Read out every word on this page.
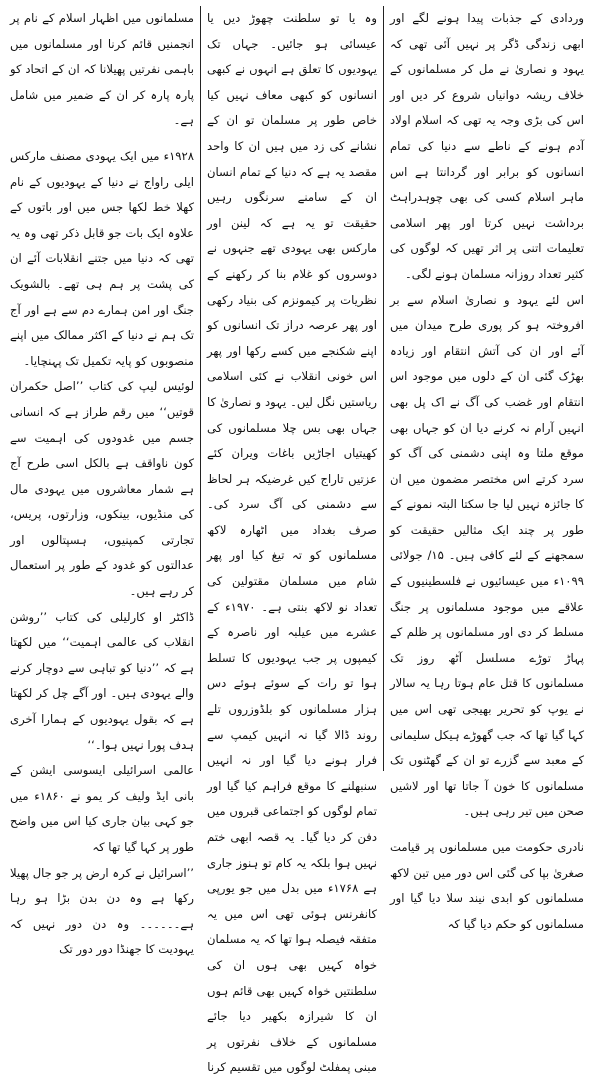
وردادی کے جذبات پیدا ہونے لگے اور ابھی زندگی ڈگر پر نہیں آئی تھی کہ یہود و نصاریٰ نے مل کر مسلمانوں کے خلاف ریشہ دوانیاں شروع کر دیں اور اس کی بڑی وجہ یہ تھی کہ اسلام اولاد آدم ہونے کے ناطے سے دنیا کی تمام انسانوں کو برابر اور گردانتا ہے اس ماہر اسلام کسی کی بھی چوہدراہٹ برداشت نہیں کرتا اور پھر اسلامی تعلیمات اتنی پر اثر تھیں کہ لوگوں کی کثیر تعداد روزانہ مسلمان ہونے لگی۔

اس لئے یہود و نصاریٰ اسلام سے بر افروختہ ہو کر پوری طرح میدان میں آئے اور ان کی آتش انتقام اور زیادہ بھڑک گئی ان کے دلوں میں موجود اس انتقام اور غضب کی آگ نے اک پل بھی انہیں آرام نہ کرنے دیا ان کو جہاں بھی موقع ملتا وہ اپنی دشمنی کی آگ کو سرد کرتے اس مختصر مضمون میں ان کا جائزہ نہیں لیا جا سکتا البتہ نمونے کے طور پر چند ایک مثالیں حقیقت کو سمجھنے کے لئے کافی ہیں۔ ۱۵/ جولائی ۱۰۹۹ء میں عیسائیوں نے فلسطینیوں کے علاقے میں موجود مسلمانوں پر جنگ مسلط کر دی اور مسلمانوں پر ظلم کے پہاڑ توڑے مسلسل آٹھ روز تک مسلمانوں کا قتل عام ہوتا رہا یہ سالار نے یوپ کو تحریر بھیجی تھی اس میں کہا گیا تھا کہ جب گھوڑے ہیکل سلیمانی کے معبد سے گزرے تو ان کے گھٹنوں تک مسلمانوں کا خون آ جاتا تھا اور لاشیں صحن میں تیر رہی ہیں۔

نادری حکومت میں مسلمانوں پر قیامت صغریٰ بپا کی گئی اس دور میں تین لاکھ مسلمانوں کو ابدی نیند سلا دیا گیا اور مسلمانوں کو حکم دیا گیا کہ

وہ یا تو سلطنت چھوڑ دیں یا عیسائی ہو جائیں۔ جہاں تک یہودیوں کا تعلق ہے انہوں نے کبھی انسانوں کو کبھی معاف نہیں کیا خاص طور پر مسلمان تو ان کے نشانے کی زد میں ہیں ان کا واحد مقصد یہ ہے کہ دنیا کے تمام انسان ان کے سامنے سرنگوں رہیں حقیقت تو یہ ہے کہ لینن اور مارکس بھی یہودی تھے جنہوں نے دوسروں کو غلام بنا کر رکھنے کے نظریات پر کیمونزم کی بنیاد رکھی اور پھر عرصہ دراز تک انسانوں کو اپنے شکنجے میں کسے رکھا اور پھر اس خونی انقلاب نے کئی اسلامی ریاستیں نگل لیں۔ یہود و نصاریٰ کا جہاں بھی بس چلا مسلمانوں کی کھیتیاں اجاڑیں باغات ویران کئے عزتیں تاراج کیں غرضیکہ ہر لحاظ سے دشمنی کی آگ سرد کی۔ صرف بغداد میں اٹھارہ لاکھ مسلمانوں کو تہ تیغ کیا اور پھر شام میں مسلمان مقتولین کی تعداد نو لاکھ بنتی ہے۔ ۱۹۷۰ء کے عشرے میں عیلبہ اور ناصرہ کے کیمپوں پر جب یہودیوں کا تسلط ہوا تو رات کے سوئے ہوئے دس ہزار مسلمانوں کو بلڈوزروں تلے روند ڈالا گیا نہ انہیں کیمپ سے فرار ہونے دیا گیا اور نہ انہیں سنبھلنے کا موقع فراہم کیا گیا اور تمام لوگوں کو اجتماعی قبروں میں دفن کر دیا گیا۔ یہ قصہ ابھی ختم نہیں ہوا بلکہ یہ کام تو ہنوز جاری ہے ۱۷۶۸ء میں بدل میں جو یورپی کانفرنس ہوئی تھی اس میں یہ متفقہ فیصلہ ہوا تھا کہ یہ مسلمان خواہ کہیں بھی ہوں ان کی سلطنتیں خواہ کہیں بھی قائم ہوں ان کا شیرازہ بکھیر دیا جائے مسلمانوں کے خلاف نفرتوں پر مبنی پمفلٹ لوگوں میں تقسیم کرنا

مسلمانوں میں اظہار اسلام کے نام پر انجمنیں قائم کرنا اور مسلمانوں میں باہمی نفرتیں پھیلانا کہ ان کے اتحاد کو پارہ پارہ کر ان کے ضمیر میں شامل ہے۔

۱۹۲۸ء میں ایک یہودی مصنف مارکس ایلی راواج نے دنیا کے یہودیوں کے نام کھلا خط لکھا جس میں اور باتوں کے علاوہ ایک بات جو قابل ذکر تھی وہ یہ تھی کہ دنیا میں جتنے انقلابات آئے ان کی پشت پر ہم ہی تھے۔ بالشویک جنگ اور امن ہمارے دم سے ہے اور آج تک ہم نے دنیا کے اکثر ممالک میں اپنے منصوبوں کو پایہ تکمیل تک پہنچایا۔

لوئیس لیپ کی کتاب ’’اصل حکمران قوتیں‘‘ میں رقم طراز ہے کہ انسانی جسم میں غدودوں کی اہمیت سے کون ناواقف ہے بالکل اسی طرح آج ہے شمار معاشروں میں یہودی مال کی منڈیوں، بینکوں، وزارتوں، پریس، تجارتی کمپنیوں، ہسپتالوں اور عدالتوں کو غدود کے طور پر استعمال کر رہے ہیں۔

ڈاکٹر او کارلیلی کی کتاب ’’روشن انقلاب کی عالمی اہمیت‘‘ میں لکھتا ہے کہ ’’دنیا کو تباہی سے دوچار کرنے والے یہودی ہیں۔ اور آگے چل کر لکھتا ہے کہ بقول یہودیوں کے ہمارا آخری ہدف پورا نہیں ہوا۔‘‘

عالمی اسرائیلی ایسوسی ایشن کے بانی ایڈ ولیف کر یمو نے ۱۸۶۰ء میں جو کہی بیان جاری کیا اس میں واضح طور پر کہا گیا تھا کہ

’’اسرائیل نے کرہ ارض پر جو جال پھیلا رکھا ہے وہ دن بدن بڑا ہو رہا ہے۔۔۔۔۔۔ وہ دن دور نہیں کہ یہودیت کا جھنڈا دور دور تک
